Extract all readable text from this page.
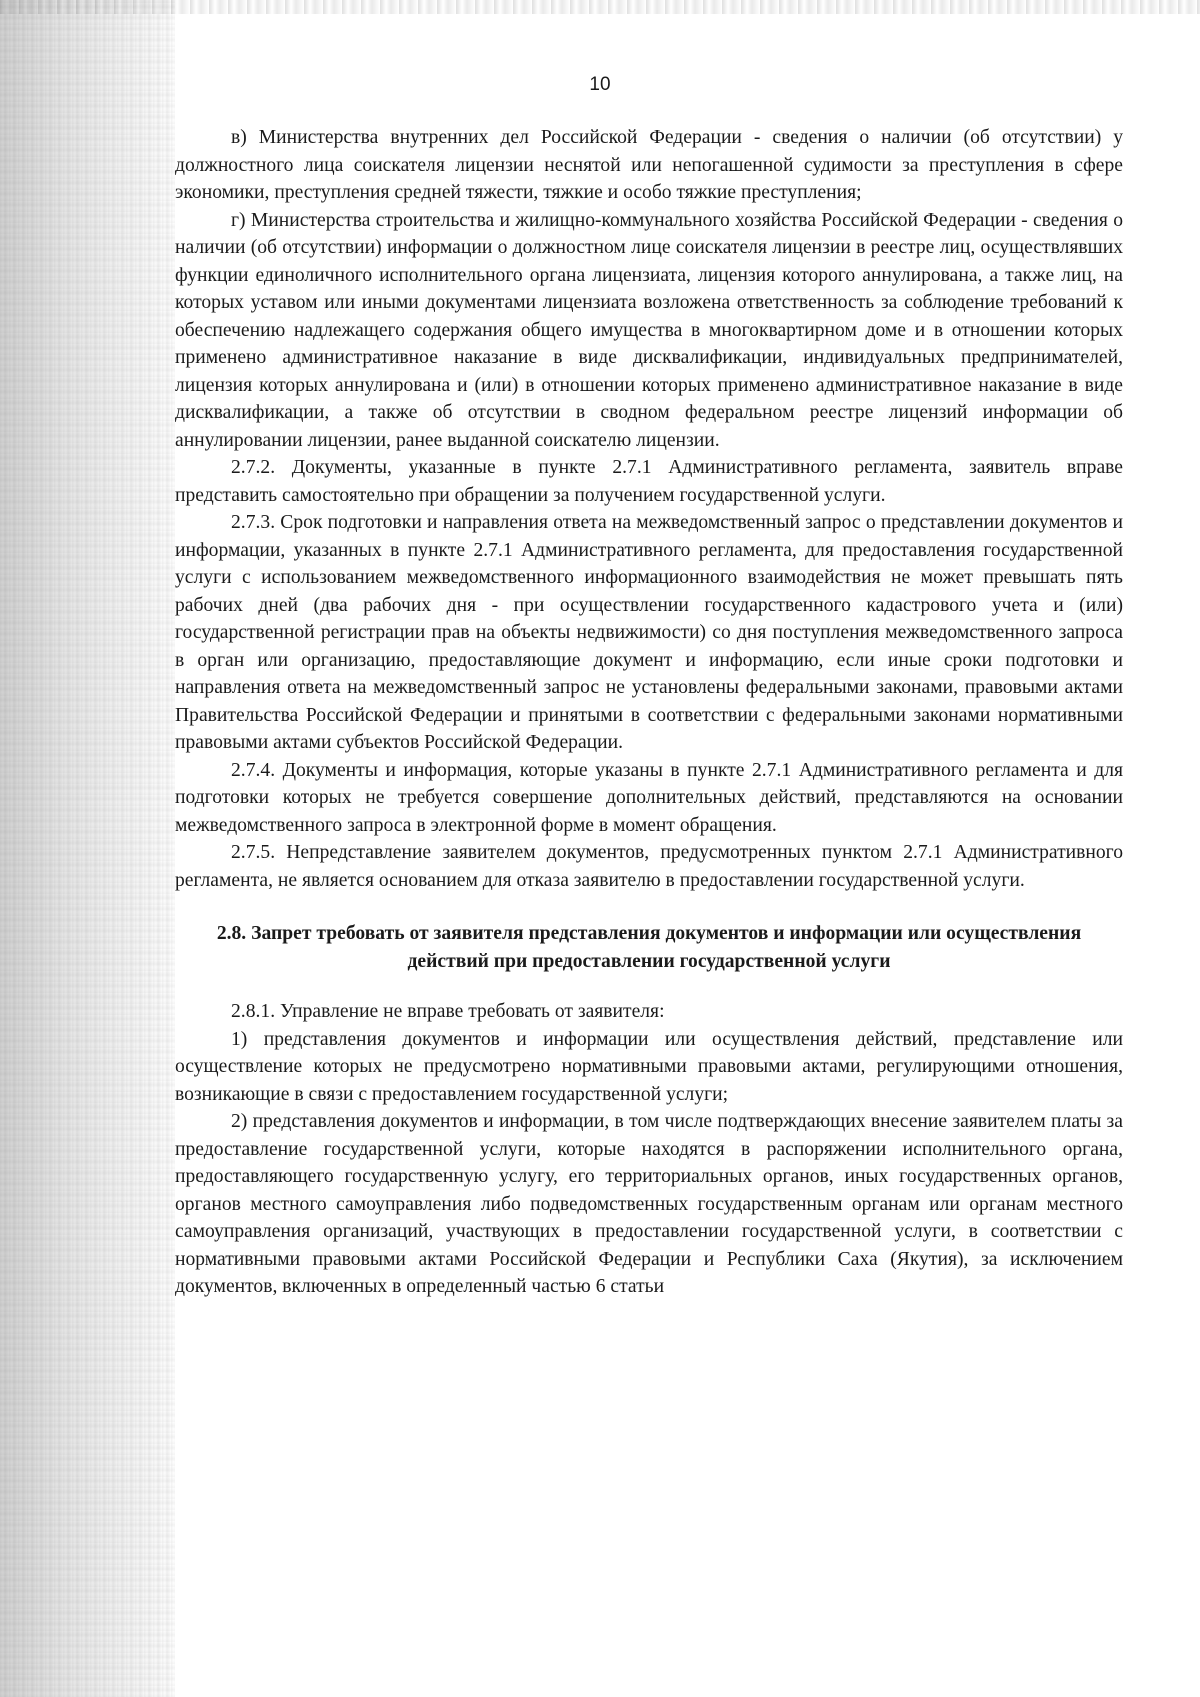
10

в) Министерства внутренних дел Российской Федерации - сведения о наличии (об отсутствии) у должностного лица соискателя лицензии неснятой или непогашенной судимости за преступления в сфере экономики, преступления средней тяжести, тяжкие и особо тяжкие преступления;

г) Министерства строительства и жилищно-коммунального хозяйства Российской Федерации - сведения о наличии (об отсутствии) информации о должностном лице соискателя лицензии в реестре лиц, осуществлявших функции единоличного исполнительного органа лицензиата, лицензия которого аннулирована, а также лиц, на которых уставом или иными документами лицензиата возложена ответственность за соблюдение требований к обеспечению надлежащего содержания общего имущества в многоквартирном доме и в отношении которых применено административное наказание в виде дисквалификации, индивидуальных предпринимателей, лицензия которых аннулирована и (или) в отношении которых применено административное наказание в виде дисквалификации, а также об отсутствии в сводном федеральном реестре лицензий информации об аннулировании лицензии, ранее выданной соискателю лицензии.

2.7.2. Документы, указанные в пункте 2.7.1 Административного регламента, заявитель вправе представить самостоятельно при обращении за получением государственной услуги.

2.7.3. Срок подготовки и направления ответа на межведомственный запрос о представлении документов и информации, указанных в пункте 2.7.1 Административного регламента, для предоставления государственной услуги с использованием межведомственного информационного взаимодействия не может превышать пять рабочих дней (два рабочих дня - при осуществлении государственного кадастрового учета и (или) государственной регистрации прав на объекты недвижимости) со дня поступления межведомственного запроса в орган или организацию, предоставляющие документ и информацию, если иные сроки подготовки и направления ответа на межведомственный запрос не установлены федеральными законами, правовыми актами Правительства Российской Федерации и принятыми в соответствии с федеральными законами нормативными правовыми актами субъектов Российской Федерации.

2.7.4. Документы и информация, которые указаны в пункте 2.7.1 Административного регламента и для подготовки которых не требуется совершение дополнительных действий, представляются на основании межведомственного запроса в электронной форме в момент обращения.

2.7.5. Непредставление заявителем документов, предусмотренных пунктом 2.7.1 Административного регламента, не является основанием для отказа заявителю в предоставлении государственной услуги.

2.8. Запрет требовать от заявителя представления документов и информации или осуществления действий при предоставлении государственной услуги

2.8.1. Управление не вправе требовать от заявителя:

1) представления документов и информации или осуществления действий, представление или осуществление которых не предусмотрено нормативными правовыми актами, регулирующими отношения, возникающие в связи с предоставлением государственной услуги;

2) представления документов и информации, в том числе подтверждающих внесение заявителем платы за предоставление государственной услуги, которые находятся в распоряжении исполнительного органа, предоставляющего государственную услугу, его территориальных органов, иных государственных органов, органов местного самоуправления либо подведомственных государственным органам или органам местного самоуправления организаций, участвующих в предоставлении государственной услуги, в соответствии с нормативными правовыми актами Российской Федерации и Республики Саха (Якутия), за исключением документов, включенных в определенный частью 6 статьи
